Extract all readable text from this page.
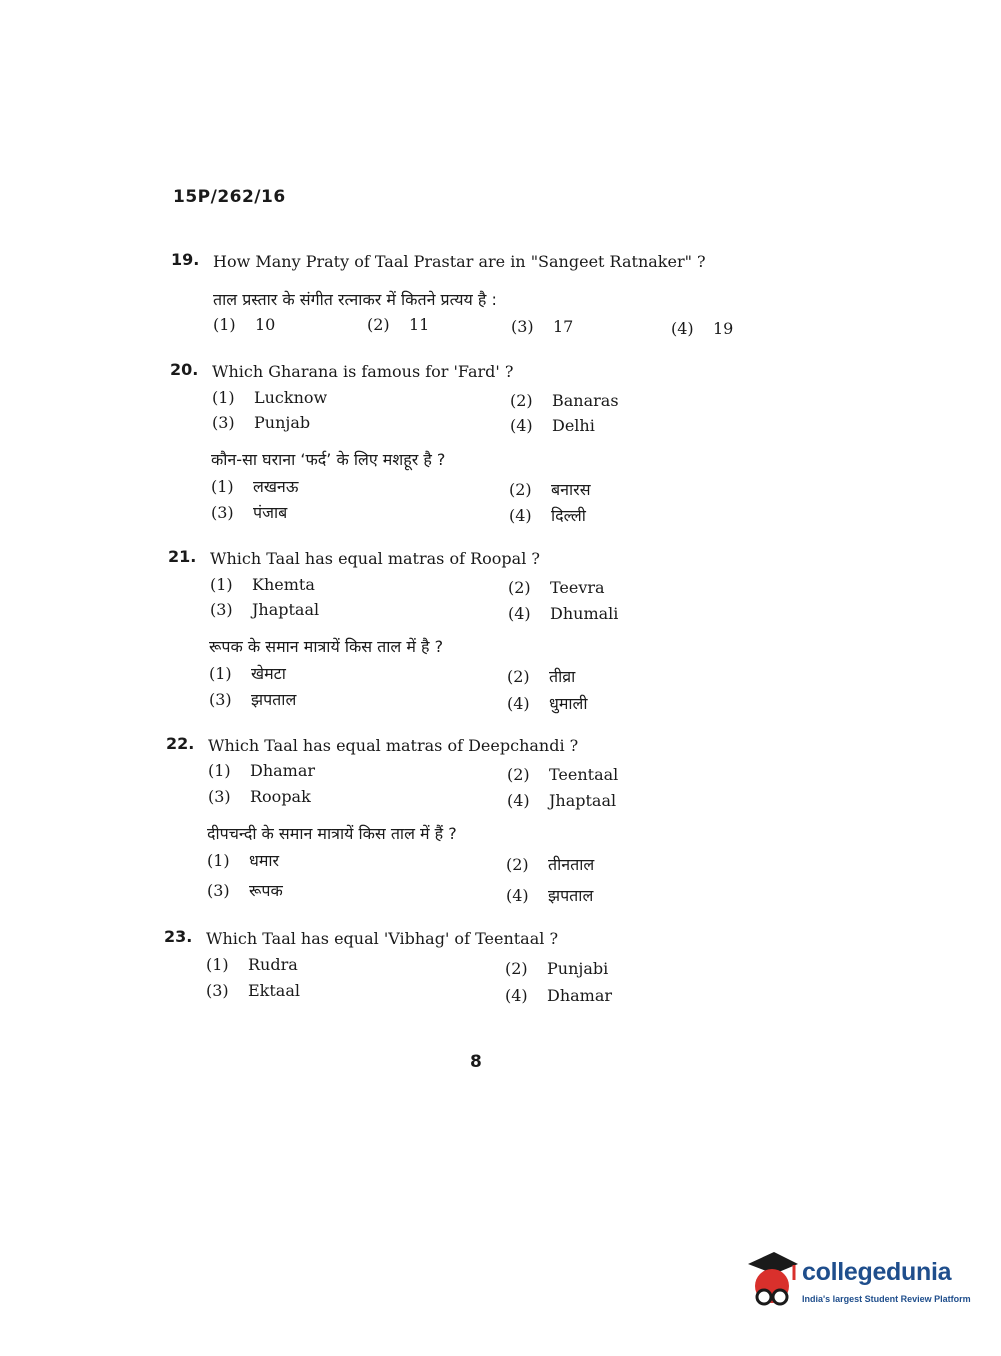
15P/262/16
19. How Many Praty of Taal Prastar are in "Sangeet Ratnaker" ?
ताल प्रस्तार के संगीत रत्नाकर में कितने प्रत्यय है :
(1) 10	(2) 11	(3) 17	(4) 19
20. Which Gharana is famous for 'Fard' ?
(1) Lucknow	(2) Banaras
(3) Punjab	(4) Delhi
कौन-सा घराना ‘फर्द’ के लिए मशहूर है ?
(1) लखनऊ	(2) बनारस
(3) पंजाब	(4) दिल्ली
21. Which Taal has equal matras of Roopal ?
(1) Khemta	(2) Teevra
(3) Jhaptaal	(4) Dhumali
रूपक के समान मात्रायें किस ताल में है ?
(1) खेमटा	(2) तीव्रा
(3) झपताल	(4) धुमाली
22. Which Taal has equal matras of Deepchandi ?
(1) Dhamar	(2) Teentaal
(3) Roopak	(4) Jhaptaal
दीपचन्दी के समान मात्रायें किस ताल में हैं ?
(1) धमार	(2) तीनताल
(3) रूपक	(4) झपताल
23. Which Taal has equal 'Vibhag' of Teentaal ?
(1) Rudra	(2) Punjabi
(3) Ektaal	(4) Dhamar
8
collegedunia
India's largest Student Review Platform
